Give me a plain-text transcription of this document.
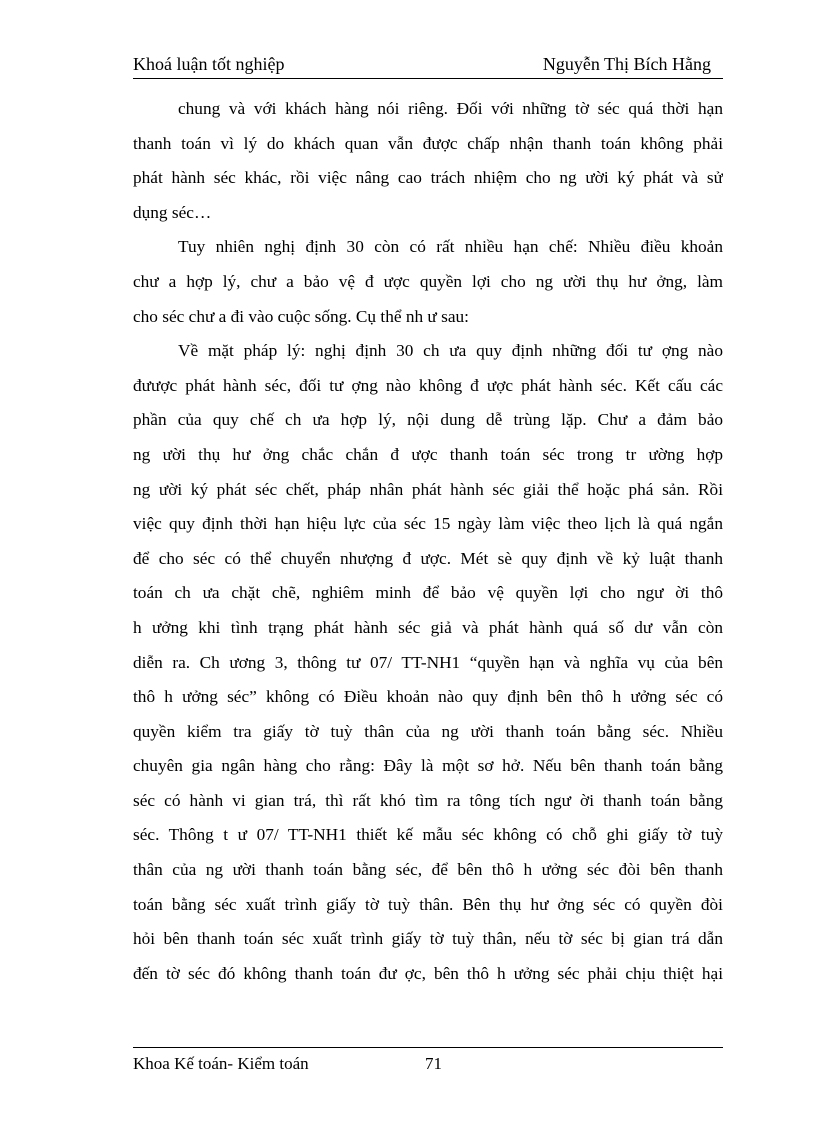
Khoá luận tốt nghiệp	Nguyễn Thị Bích Hằng
chung và với khách hàng nói riêng. Đối với những tờ séc quá thời hạn
thanh toán vì lý do khách quan vẫn được chấp nhận thanh toán không phải
phát hành séc khác, rồi việc nâng cao trách nhiệm cho ng ười ký phát và sử
dụng séc…
Tuy nhiên nghị định 30 còn có rất nhiều hạn chế: Nhiều điều khoản
chư a hợp lý, chư a bảo vệ đ ược quyền lợi cho ng ười thụ hư ởng, làm
cho séc chư a đi vào cuộc sống. Cụ thể nh ư sau:
Về mặt pháp lý: nghị định 30 ch ưa quy định những đối tư ợng nào
đưược phát hành séc, đối tư ợng nào không đ ược phát hành séc. Kết cấu các
phần của quy chế ch ưa hợp lý, nội dung dễ trùng lặp. Chư a đảm bảo
ng ười thụ hư ởng chắc chắn đ ược thanh toán séc trong tr ường hợp
ng ười ký phát séc chết, pháp nhân phát hành séc giải thể hoặc phá sản. Rồi
việc quy định thời hạn hiệu lực của séc 15 ngày làm việc theo lịch là quá ngắn
để cho séc có thể chuyển nhượng đ ược. Mét sè quy định về kỷ luật thanh
toán ch ưa chặt chẽ, nghiêm minh để bảo vệ quyền lợi cho ngư ời thô
h ưởng khi tình trạng phát hành séc giả và phát hành quá số dư vẫn còn
diễn ra. Ch ương 3, thông tư 07/ TT-NH1 “quyền hạn và nghĩa vụ của bên
thô h ưởng séc” không có Điều khoản nào quy định bên thô h ưởng séc có
quyền kiểm tra giấy tờ tuỳ thân của ng ười thanh toán bằng séc. Nhiều
chuyên gia ngân hàng cho rằng: Đây là một sơ hở. Nếu bên thanh toán bằng
séc có hành vi gian trá, thì rất khó tìm ra tông tích ngư ời thanh toán bằng
séc. Thông t ư 07/ TT-NH1 thiết kế mẫu séc không có chỗ ghi giấy tờ tuỳ
thân của ng ười thanh toán bằng séc, để bên thô h ưởng séc đòi bên thanh
toán bằng séc xuất trình giấy tờ tuỳ thân. Bên thụ hư ởng séc có quyền đòi
hỏi bên thanh toán séc xuất trình giấy tờ tuỳ thân, nếu tờ séc bị gian trá dẫn
đến tờ séc đó không thanh toán đư ợc, bên thô h ưởng séc phải chịu thiệt hại
Khoa Kế toán- Kiểm toán	71
